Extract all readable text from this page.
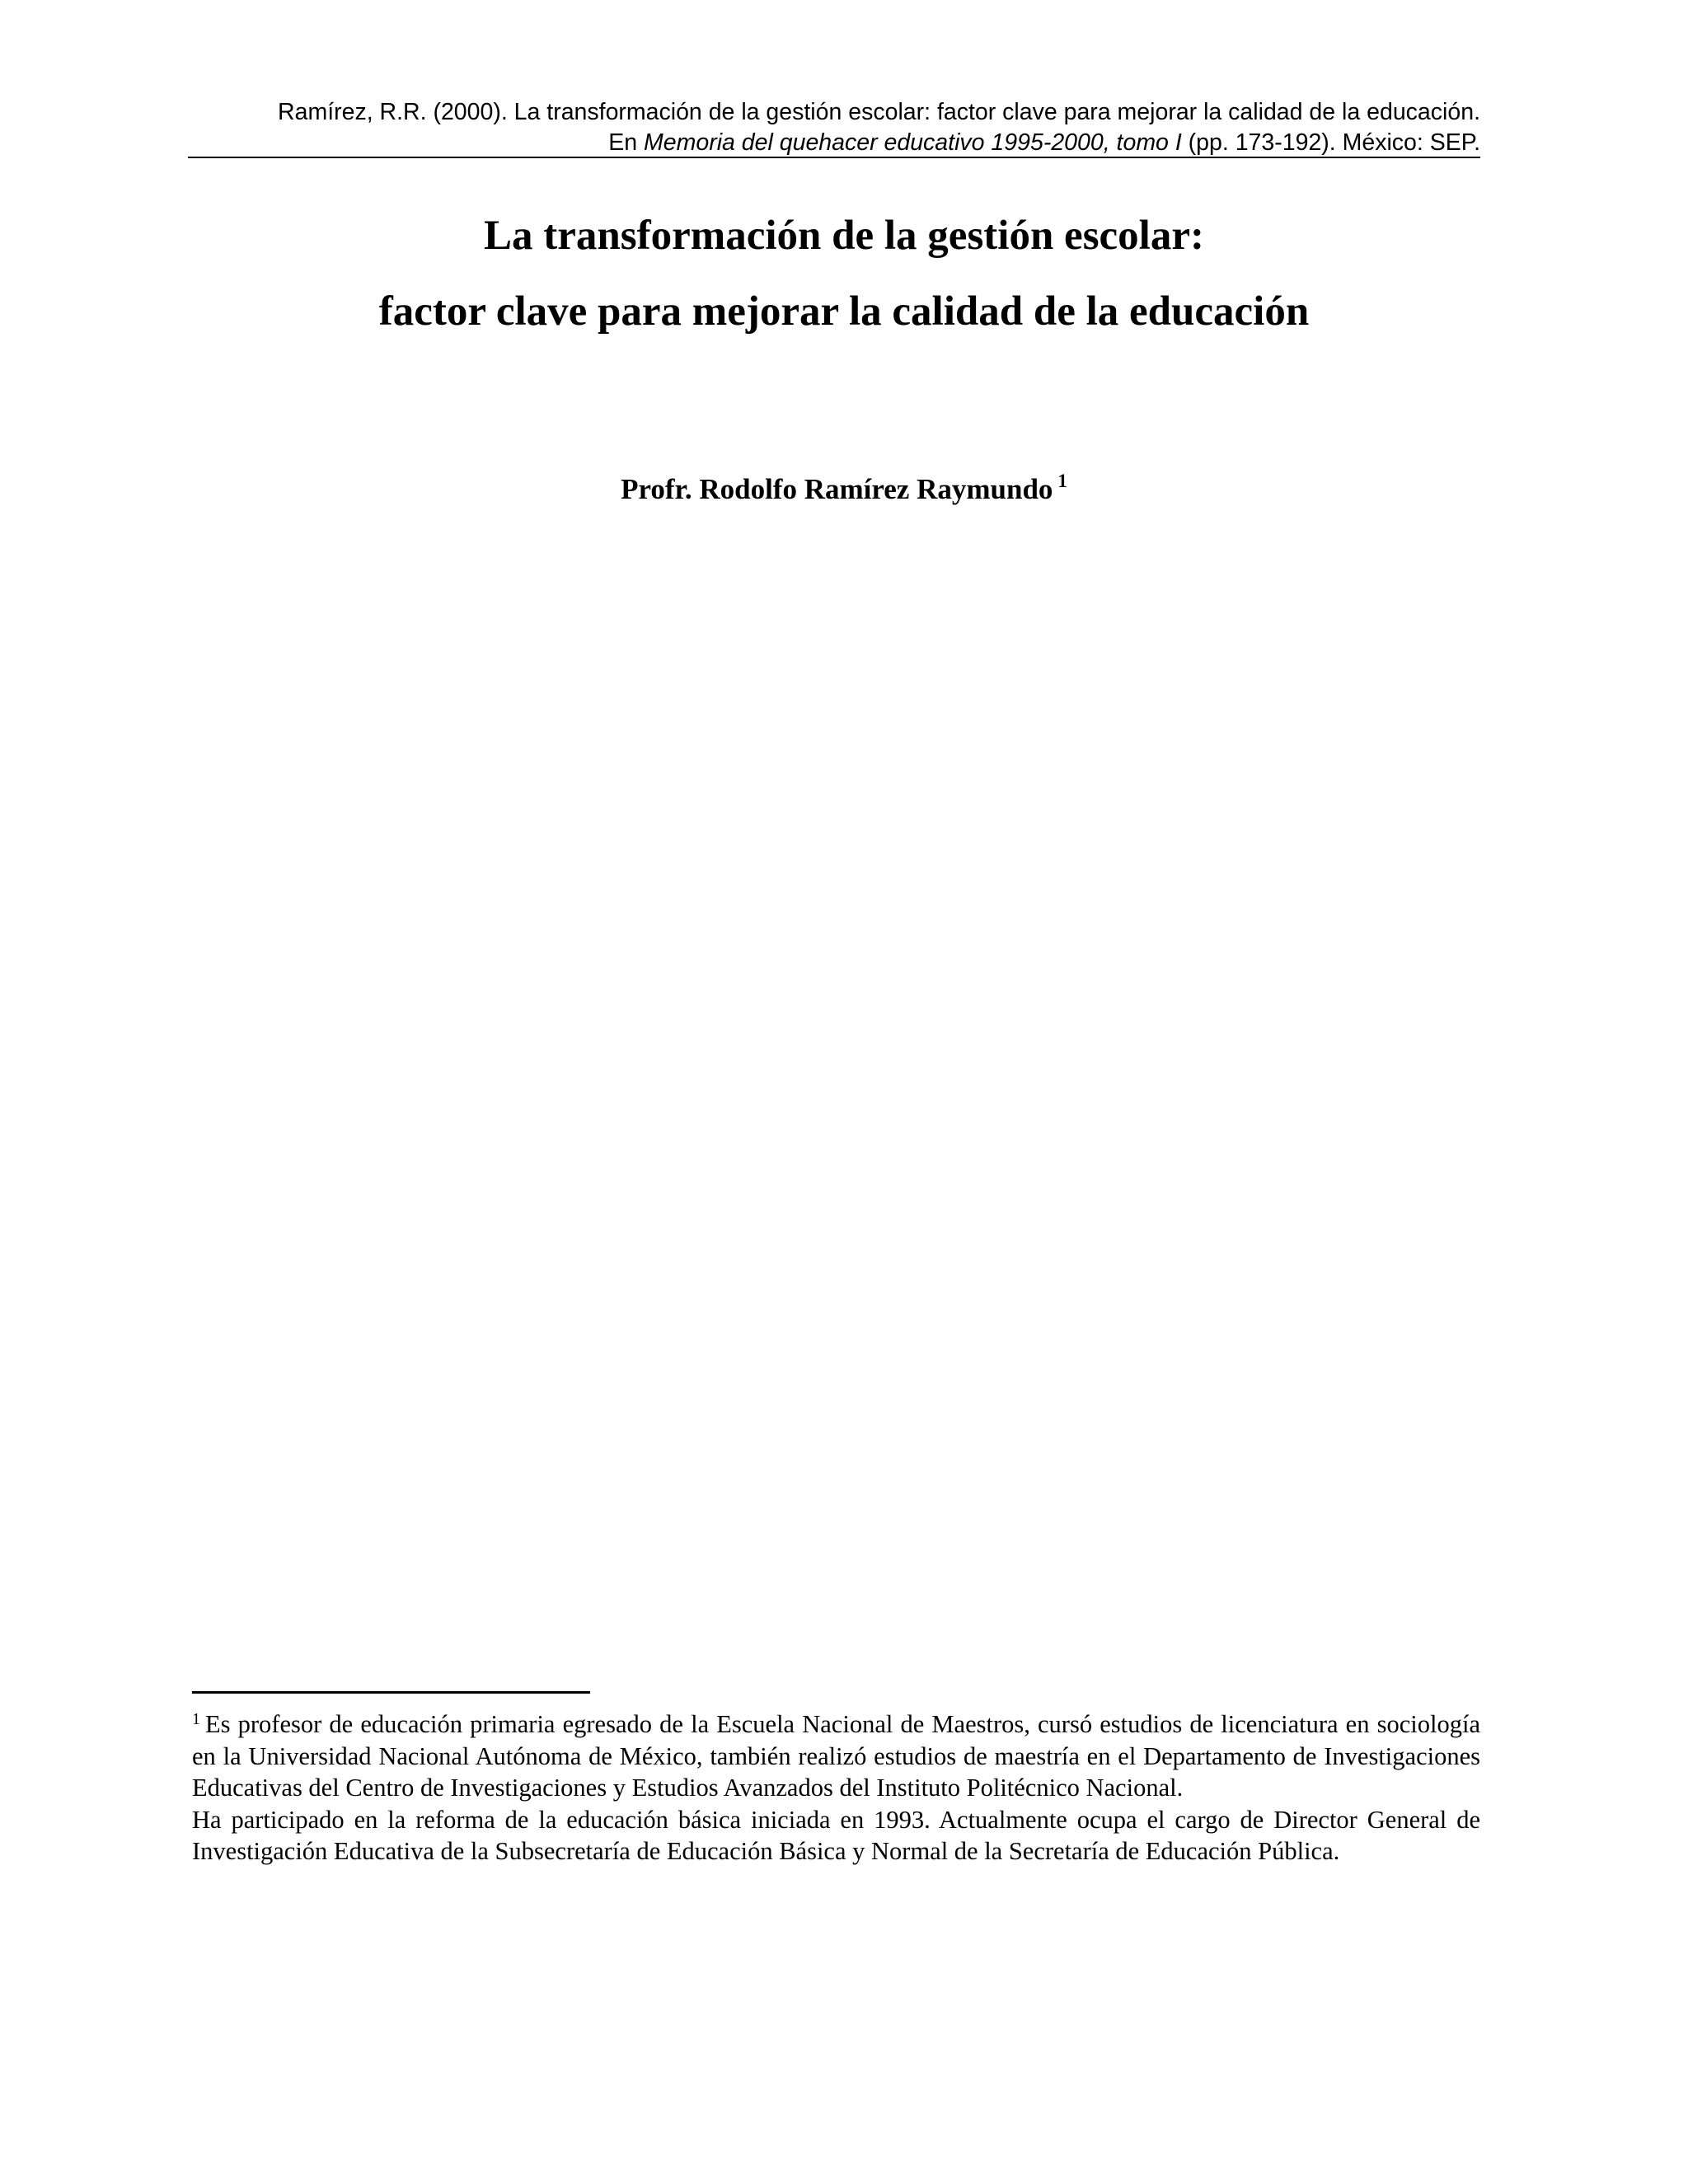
Ramírez, R.R. (2000). La transformación de la gestión escolar: factor clave para mejorar la calidad de la educación.
En Memoria del quehacer educativo 1995-2000, tomo I (pp. 173-192). México: SEP.
La transformación de la gestión escolar:
factor clave para mejorar la calidad de la educación
Profr. Rodolfo Ramírez Raymundo $^1$

$^1$ Es profesor de educación primaria egresado de la Escuela Nacional de Maestros, cursó estudios de licenciatura en sociología en la Universidad Nacional Autónoma de México, también realizó estudios de maestría en el Departamento de Investigaciones Educativas del Centro de Investigaciones y Estudios Avanzados del Instituto Politécnico Nacional.

Ha participado en la reforma de la educación básica iniciada en 1993. Actualmente ocupa el cargo de Director General de Investigación Educativa de la Subsecretaría de Educación Básica y Normal de la Secretaría de Educación Pública.
